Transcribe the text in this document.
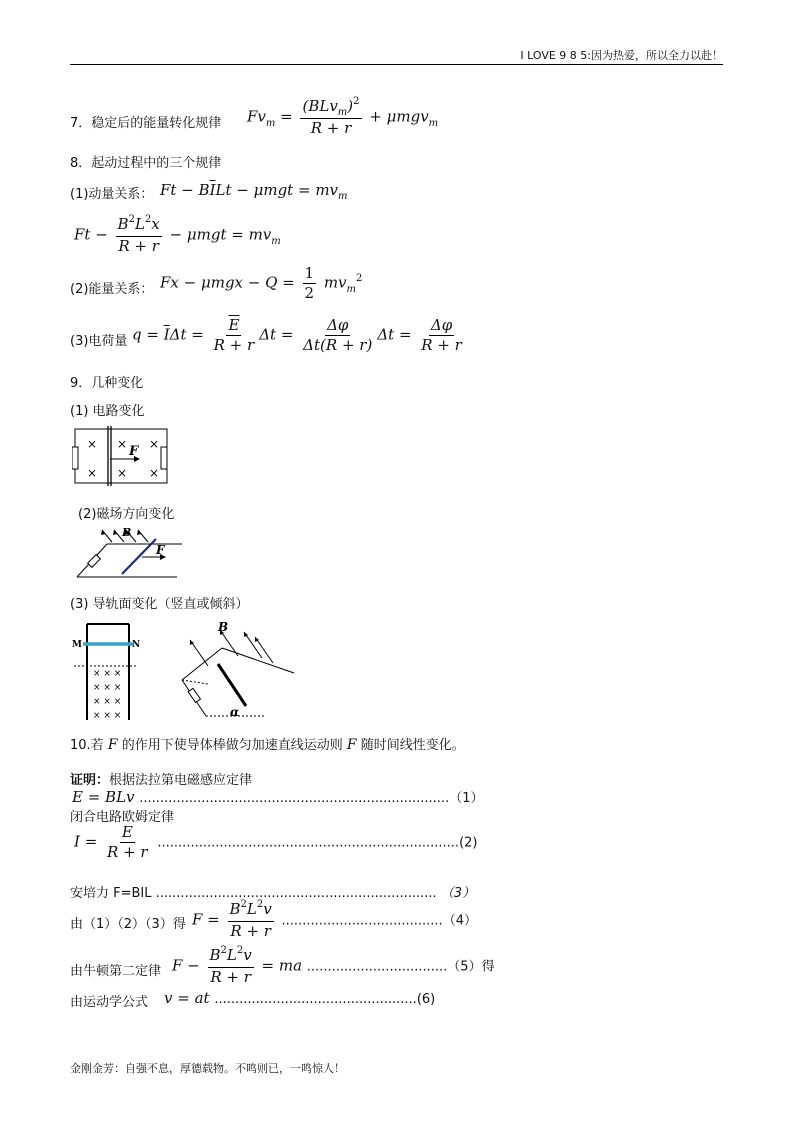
I LOVE 9 8 5:因为热爱，所以全力以赴！
7．稳定后的能量转化规律 $Fv_m = \frac{(BLv_m)^2}{R + r} + \mu mgv_m$
8．起动过程中的三个规律
(1)动量关系： $Ft - B\overline{I}Lt - \mu mgt = mv_m$
$Ft - \frac{B^2L^2x}{R + r} - \mu mgt = mv_m$
(2)能量关系： $Fx - \mu mgx - Q = \frac{1}{2} mv_m^2$
(3)电荷量 $q = \overline{I}\Delta t = \frac{\overline{E}}{R + r}$ $\Delta t = \frac{\Delta\varphi}{\Delta t(R + r)}$ $\Delta t = \frac{\Delta\varphi}{R + r}$
9．几种变化
(1) 电路变化
× × ×
× × ×
F
(2)磁场方向变化
B
F
(3) 导轨面变化（竖直或倾斜）
M	N
× × ×
× × ×
× × ×
× × ×
B
α
10.若 F 的作用下使导体棒做匀加速直线运动则 F 随时间线性变化。
证明：根据法拉第电磁感应定律
E = BLv ...........................................................................（1）
闭合电路欧姆定律
$I = \frac{E}{R + r} .........................................................................(2)$
安培力 F=BIL .................................................................... （3）
由（1）（2）（3）得 $F = \frac{B^2L^2v}{R + r} .......................................(4)$
由牛顿第二定律 $F - \frac{B^2L^2v}{R + r}$ = ma ..................................（5）得
由运动学公式 v = at .................................................(6)
金刚金芳：自强不息，厚德载物。不鸣则已，一鸣惊人！
